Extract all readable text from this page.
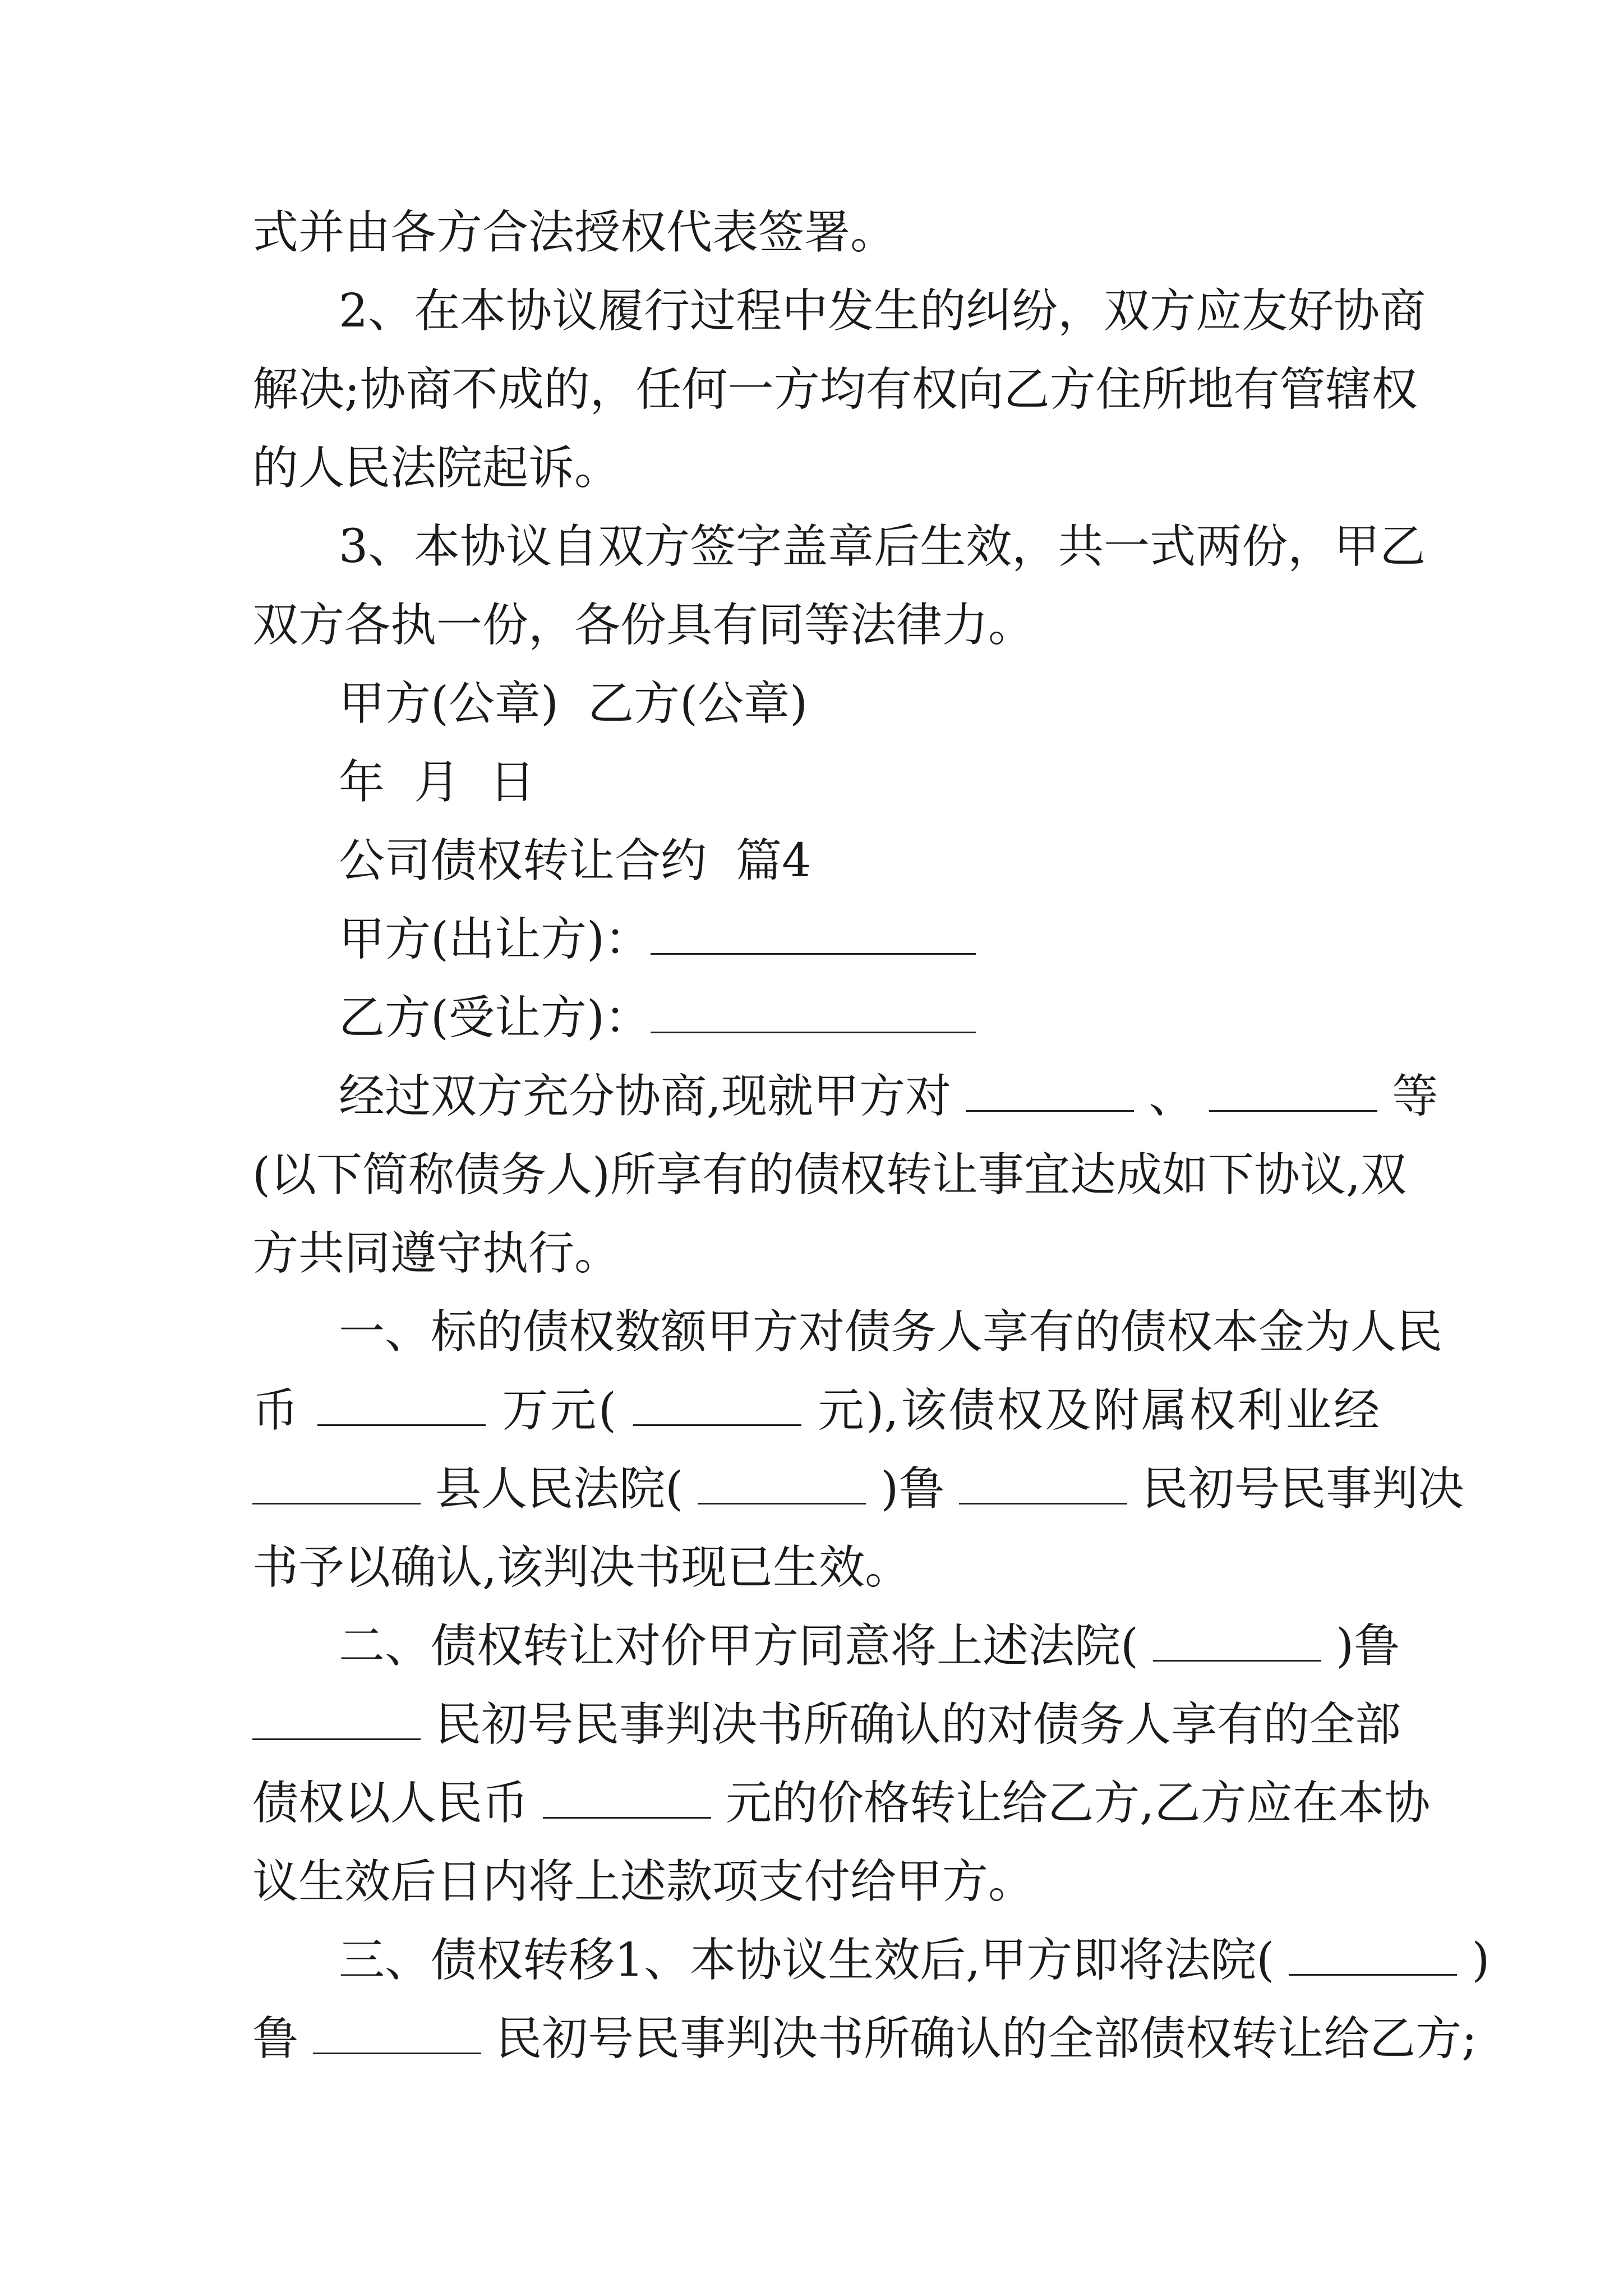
式并由各方合法授权代表签署。
2、在本协议履行过程中发生的纠纷，双方应友好协商
解决;协商不成的，任何一方均有权向乙方住所地有管辖权
的人民法院起诉。
3、本协议自双方签字盖章后生效，共一式两份，甲乙
双方各执一份，各份具有同等法律力。
甲方(公章)  乙方(公章)
年  月  日
公司债权转让合约  篇4
甲方(出让方)：
乙方(受让方)：
经过双方充分协商,现就甲方对	、	等
(以下简称债务人)所享有的债权转让事宜达成如下协议,双
方共同遵守执行。
一、标的债权数额甲方对债务人享有的债权本金为人民
币	万元(	元),该债权及附属权利业经
县人民法院(	)鲁	民初号民事判决
书予以确认,该判决书现已生效。
二、债权转让对价甲方同意将上述法院(	)鲁
民初号民事判决书所确认的对债务人享有的全部
债权以人民币	元的价格转让给乙方,乙方应在本协
议生效后日内将上述款项支付给甲方。
三、债权转移1、本协议生效后,甲方即将法院(	)
鲁	民初号民事判决书所确认的全部债权转让给乙方;
